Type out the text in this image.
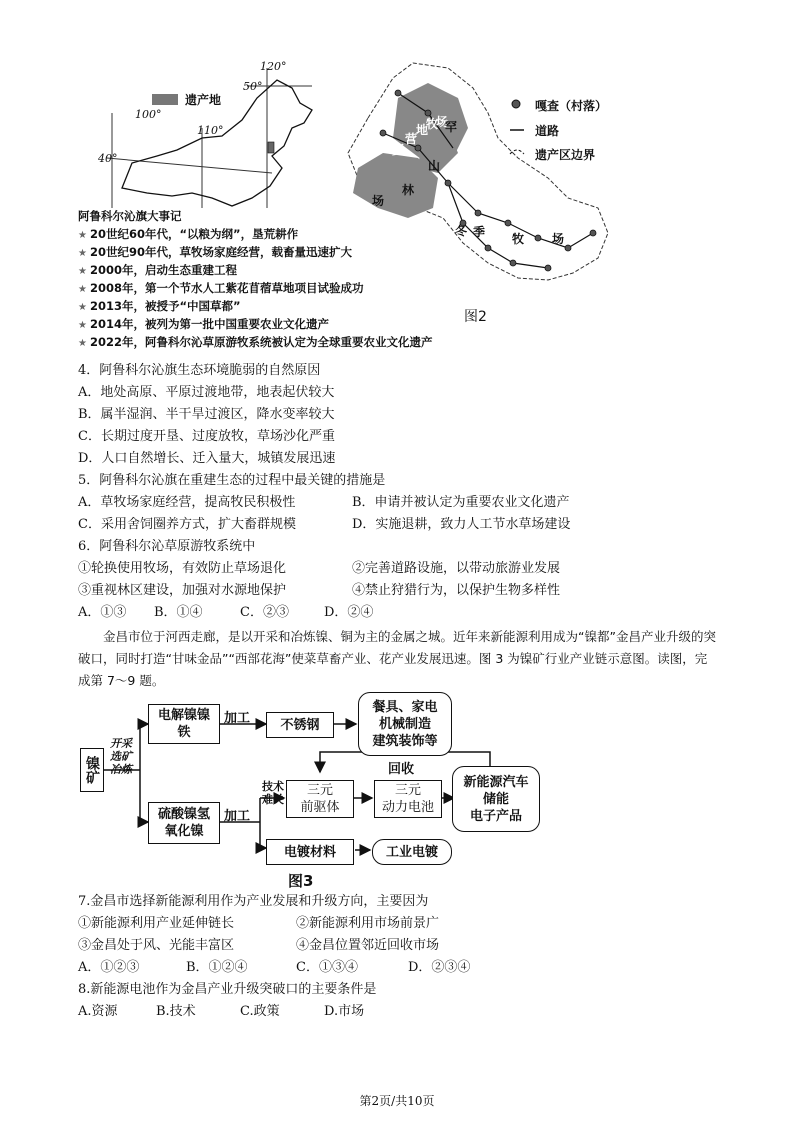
遗产地
120°
50°
100°
110°
40°
嘎查（村落）
道路
遗产区边界
夏
营
地
牧
场
罕
山
林
场
冬 季 牧 场
图2
阿鲁科尔沁旗大事记
★ 20世纪60年代，“以粮为纲”，垦荒耕作
★ 20世纪90年代，草牧场家庭经营，载畜量迅速扩大
★ 2000年，启动生态重建工程
★ 2008年，第一个节水人工紫花苜蓿草地项目试验成功
★ 2013年，被授予“中国草都”
★ 2014年，被列为第一批中国重要农业文化遗产
★ 2022年，阿鲁科尔沁草原游牧系统被认定为全球重要农业文化遗产
4．阿鲁科尔沁旗生态环境脆弱的自然原因
A．地处高原、平原过渡地带，地表起伏较大
B．属半湿润、半干旱过渡区，降水变率较大
C．长期过度开垦、过度放牧，草场沙化严重
D．人口自然增长、迁入量大，城镇发展迅速
5．阿鲁科尔沁旗在重建生态的过程中最关键的措施是
A．草牧场家庭经营，提高牧民积极性	B．申请并被认定为重要农业文化遗产
C．采用舍饲圈养方式，扩大畜群规模	D．实施退耕，致力人工节水草场建设
6．阿鲁科尔沁草原游牧系统中
①轮换使用牧场，有效防止草场退化	②完善道路设施，以带动旅游业发展
③重视林区建设，加强对水源地保护	④禁止狩猎行为，以保护生物多样性
A．①③ B．①④	C．②③	D．②④
金昌市位于河西走廊，是以开采和冶炼镍、铜为主的金属之城。近年来新能源利用成为“镍都”金昌产业升级的突破口，同时打造“甘味金品”“西部花海”使菜草畜产业、花产业发展迅速。图 3 为镍矿行业产业链示意图。读图，完成第 7～9 题。
镍矿
开采选矿冶炼
电解镍镍铁
加工 不锈钢
餐具、家电
机械制造
建筑装饰等
硫酸镍氢氧化镍
加工
技术难关
三元
前驱体
三元
动力电池
回收
新能源汽车
储能
电子产品
电镀材料	工业电镀
图3
7.金昌市选择新能源利用作为产业发展和升级方向，主要因为
①新能源利用产业延伸链长	②新能源利用市场前景广
③金昌处于风、光能丰富区	④金昌位置邻近回收市场
A．①②③	B．①②④	C．①③④	D．②③④
8.新能源电池作为金昌产业升级突破口的主要条件是
A.资源	B.技术	C.政策	D.市场
第2页/共10页
